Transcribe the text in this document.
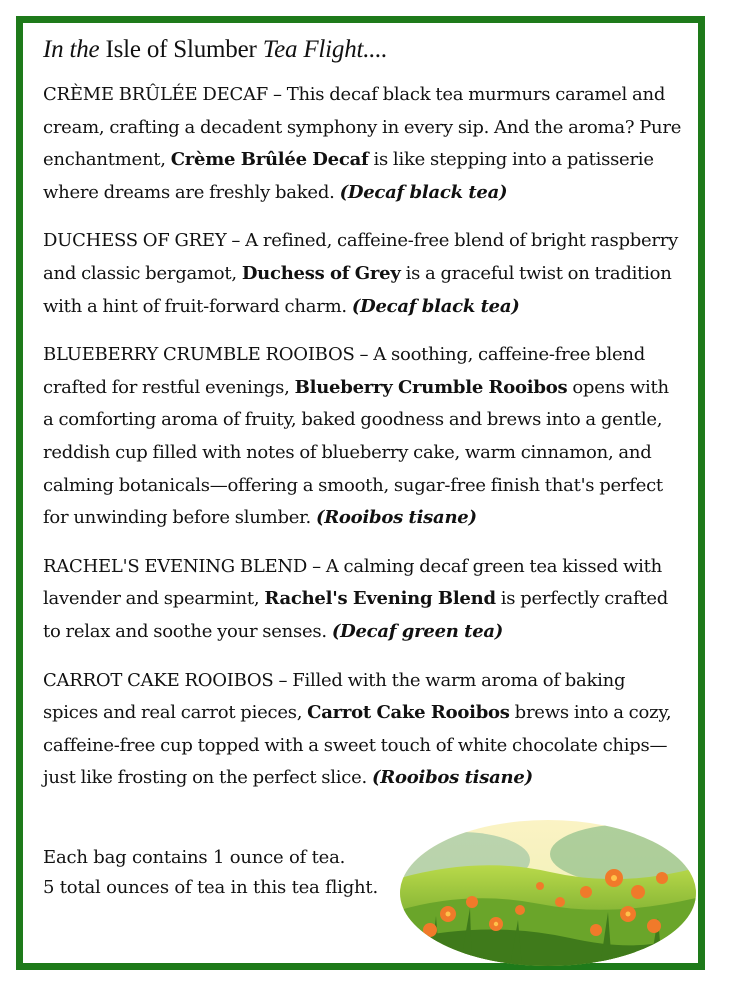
In the Isle of Slumber Tea Flight....
CRÈME BRÛLÉE DECAF – This decaf black tea murmurs caramel and cream, crafting a decadent symphony in every sip. And the aroma? Pure enchantment, Crème Brûlée Decaf is like stepping into a patisserie where dreams are freshly baked. (Decaf black tea)
DUCHESS OF GREY – A refined, caffeine-free blend of bright raspberry and classic bergamot, Duchess of Grey is a graceful twist on tradition with a hint of fruit-forward charm. (Decaf black tea)
BLUEBERRY CRUMBLE ROOIBOS – A soothing, caffeine-free blend crafted for restful evenings, Blueberry Crumble Rooibos opens with a comforting aroma of fruity, baked goodness and brews into a gentle, reddish cup filled with notes of blueberry cake, warm cinnamon, and calming botanicals—offering a smooth, sugar-free finish that's perfect for unwinding before slumber. (Rooibos tisane)
RACHEL'S EVENING BLEND – A calming decaf green tea kissed with lavender and spearmint, Rachel's Evening Blend is perfectly crafted to relax and soothe your senses. (Decaf green tea)
CARROT CAKE ROOIBOS – Filled with the warm aroma of baking spices and real carrot pieces, Carrot Cake Rooibos brews into a cozy, caffeine-free cup topped with a sweet touch of white chocolate chips—just like frosting on the perfect slice. (Rooibos tisane)
Each bag contains 1 ounce of tea.
5 total ounces of tea in this tea flight.
